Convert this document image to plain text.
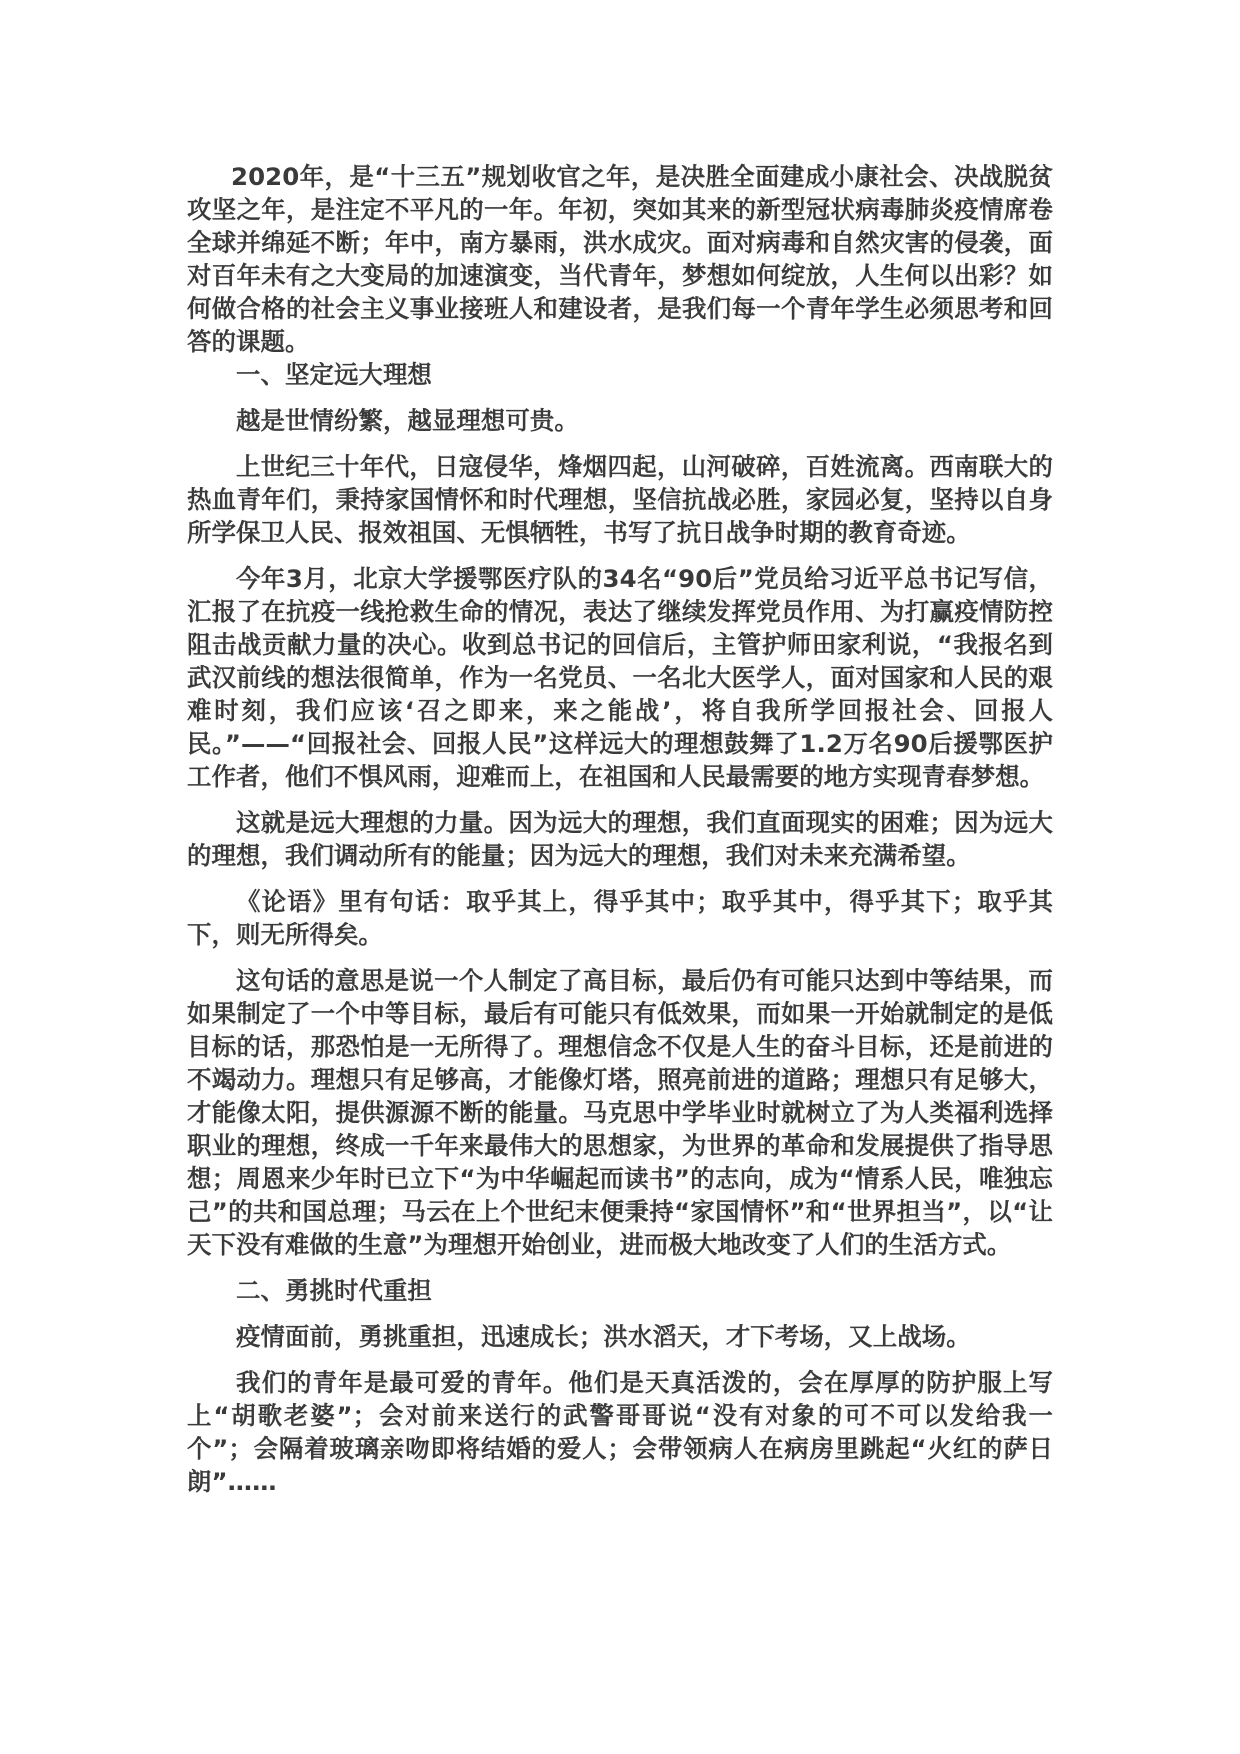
2020年，是“十三五”规划收官之年，是决胜全面建成小康社会、决战脱贫攻坚之年，是注定不平凡的一年。年初，突如其来的新型冠状病毒肺炎疫情席卷全球并绵延不断；年中，南方暴雨，洪水成灾。面对病毒和自然灾害的侵袭，面对百年未有之大变局的加速演变，当代青年，梦想如何绽放，人生何以出彩？如何做合格的社会主义事业接班人和建设者，是我们每一个青年学生必须思考和回答的课题。

一、坚定远大理想

越是世情纷繁，越显理想可贵。

上世纪三十年代，日寇侵华，烽烟四起，山河破碎，百姓流离。西南联大的热血青年们，秉持家国情怀和时代理想，坚信抗战必胜，家园必复，坚持以自身所学保卫人民、报效祖国、无惧牺牲，书写了抗日战争时期的教育奇迹。

今年3月，北京大学援鄂医疗队的34名“90后”党员给习近平总书记写信，汇报了在抗疫一线抢救生命的情况，表达了继续发挥党员作用、为打赢疫情防控阻击战贡献力量的决心。收到总书记的回信后，主管护师田家利说，“我报名到武汉前线的想法很简单，作为一名党员、一名北大医学人，面对国家和人民的艰难时刻，我们应该‘召之即来，来之能战’，将自我所学回报社会、回报人民。”——“回报社会、回报人民”这样远大的理想鼓舞了1.2万名90后援鄂医护工作者，他们不惧风雨，迎难而上，在祖国和人民最需要的地方实现青春梦想。

这就是远大理想的力量。因为远大的理想，我们直面现实的困难；因为远大的理想，我们调动所有的能量；因为远大的理想，我们对未来充满希望。

《论语》里有句话：取乎其上，得乎其中；取乎其中，得乎其下；取乎其下，则无所得矣。

这句话的意思是说一个人制定了高目标，最后仍有可能只达到中等结果，而如果制定了一个中等目标，最后有可能只有低效果，而如果一开始就制定的是低目标的话，那恐怕是一无所得了。理想信念不仅是人生的奋斗目标，还是前进的不竭动力。理想只有足够高，才能像灯塔，照亮前进的道路；理想只有足够大，才能像太阳，提供源源不断的能量。马克思中学毕业时就树立了为人类福利选择职业的理想，终成一千年来最伟大的思想家，为世界的革命和发展提供了指导思想；周恩来少年时已立下“为中华崛起而读书”的志向，成为“情系人民，唯独忘己”的共和国总理；马云在上个世纪末便秉持“家国情怀”和“世界担当”，以“让天下没有难做的生意”为理想开始创业，进而极大地改变了人们的生活方式。

二、勇挑时代重担

疫情面前，勇挑重担，迅速成长；洪水滔天，才下考场，又上战场。

我们的青年是最可爱的青年。他们是天真活泼的，会在厚厚的防护服上写上“胡歌老婆”；会对前来送行的武警哥哥说“没有对象的可不可以发给我一个”；会隔着玻璃亲吻即将结婚的爱人；会带领病人在病房里跳起“火红的萨日朗”……
